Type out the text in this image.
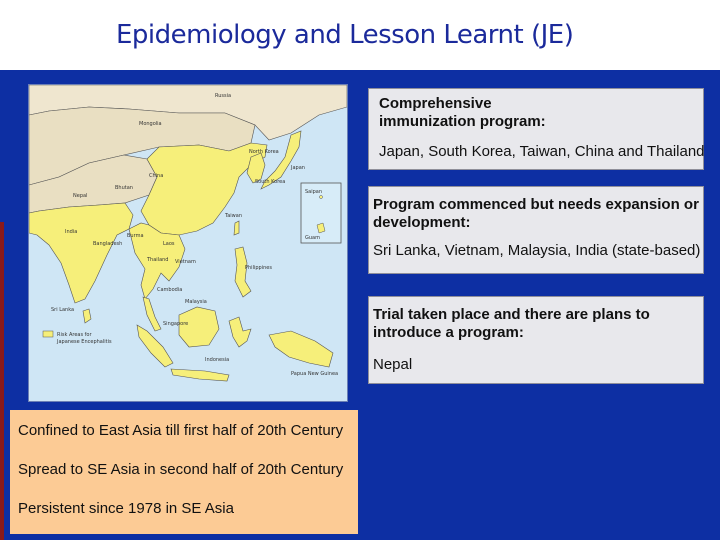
Epidemiology and Lesson Learnt (JE)
Russia
Mongolia
China
North Korea
South Korea
Japan
Taiwan
India
Nepal
Bhutan
Bangladesh
Burma
Laos
Thailand Vietnam
Cambodia
Philippines
Malaysia
Singapore
Sri Lanka
Indonesia
Papua New Guinea
Saipan
Guam
Risk Areas for
Japanese Encephalitis

Comprehensive
immunization program:

Japan, South Korea, Taiwan, China and Thailand

Program commenced but needs expansion or
development:

Sri Lanka, Vietnam, Malaysia, India (state-based)

Trial taken place and there are plans to
introduce a program:

Nepal

Confined to East Asia till first half of 20th Century

Spread to SE Asia in second half of 20th Century

Persistent since 1978 in SE Asia
